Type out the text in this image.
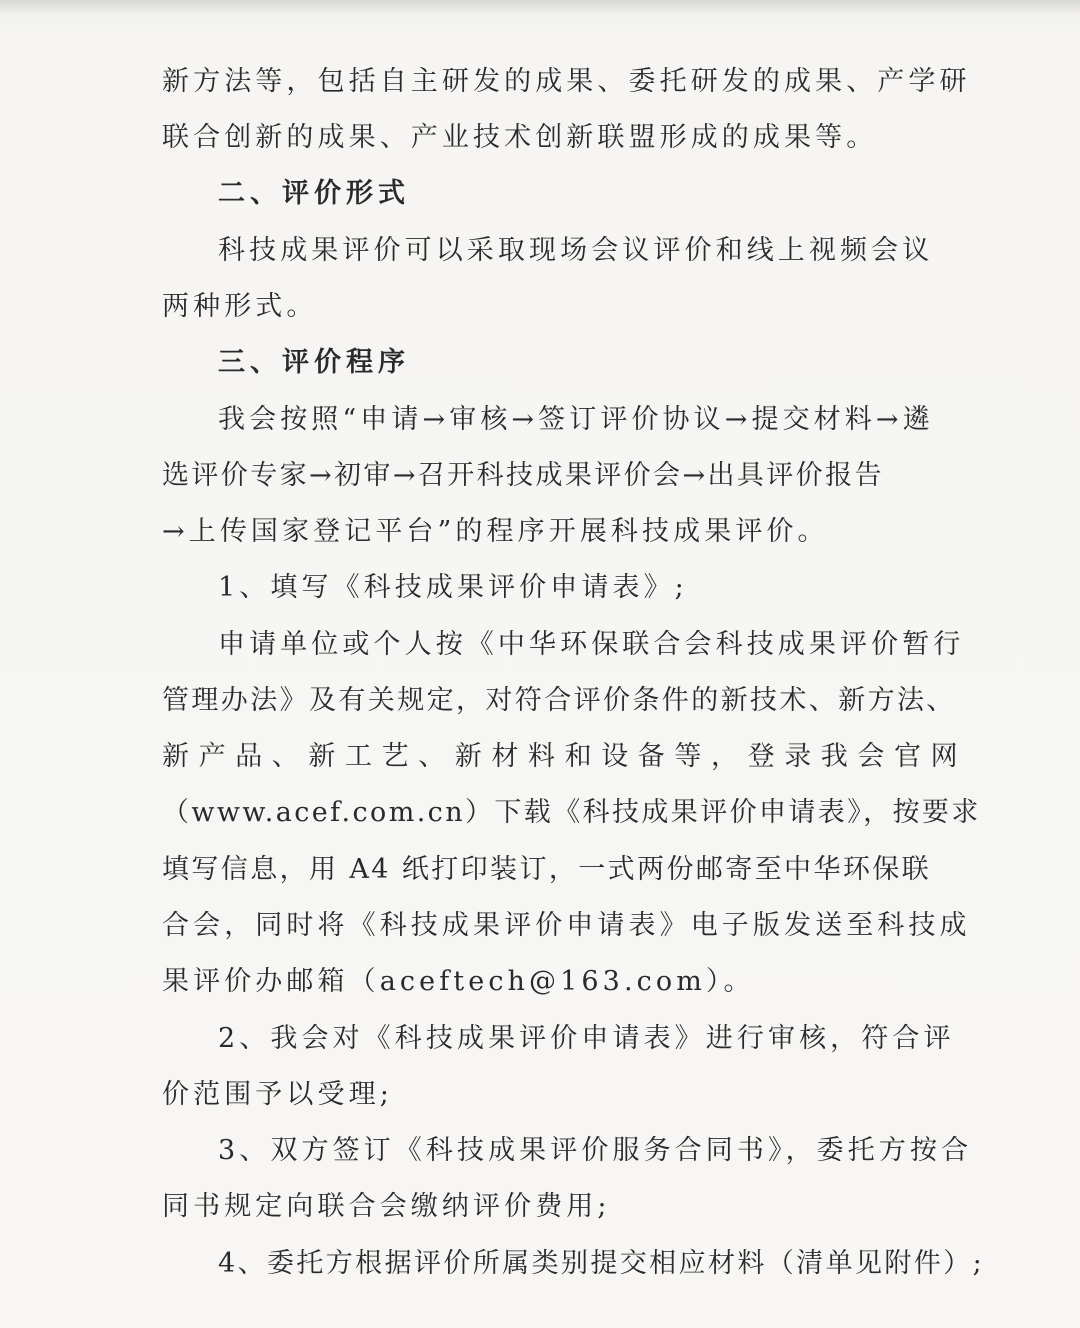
新方法等，包括自主研发的成果、委托研发的成果、产学研
联合创新的成果、产业技术创新联盟形成的成果等。
二、评价形式
科技成果评价可以采取现场会议评价和线上视频会议
两种形式。
三、评价程序
我会按照“申请→审核→签订评价协议→提交材料→遴
选评价专家→初审→召开科技成果评价会→出具评价报告
→上传国家登记平台”的程序开展科技成果评价。
1、填写《科技成果评价申请表》;
申请单位或个人按《中华环保联合会科技成果评价暂行
管理办法》及有关规定，对符合评价条件的新技术、新方法、
新产品、新工艺、新材料和设备等，登录我会官网
（www.acef.com.cn）下载《科技成果评价申请表》，按要求
填写信息，用 A4 纸打印装订，一式两份邮寄至中华环保联
合会，同时将《科技成果评价申请表》电子版发送至科技成
果评价办邮箱（aceftech@163.com）。
2、我会对《科技成果评价申请表》进行审核，符合评
价范围予以受理;
3、双方签订《科技成果评价服务合同书》，委托方按合
同书规定向联合会缴纳评价费用;
4、委托方根据评价所属类别提交相应材料（清单见附件）;
